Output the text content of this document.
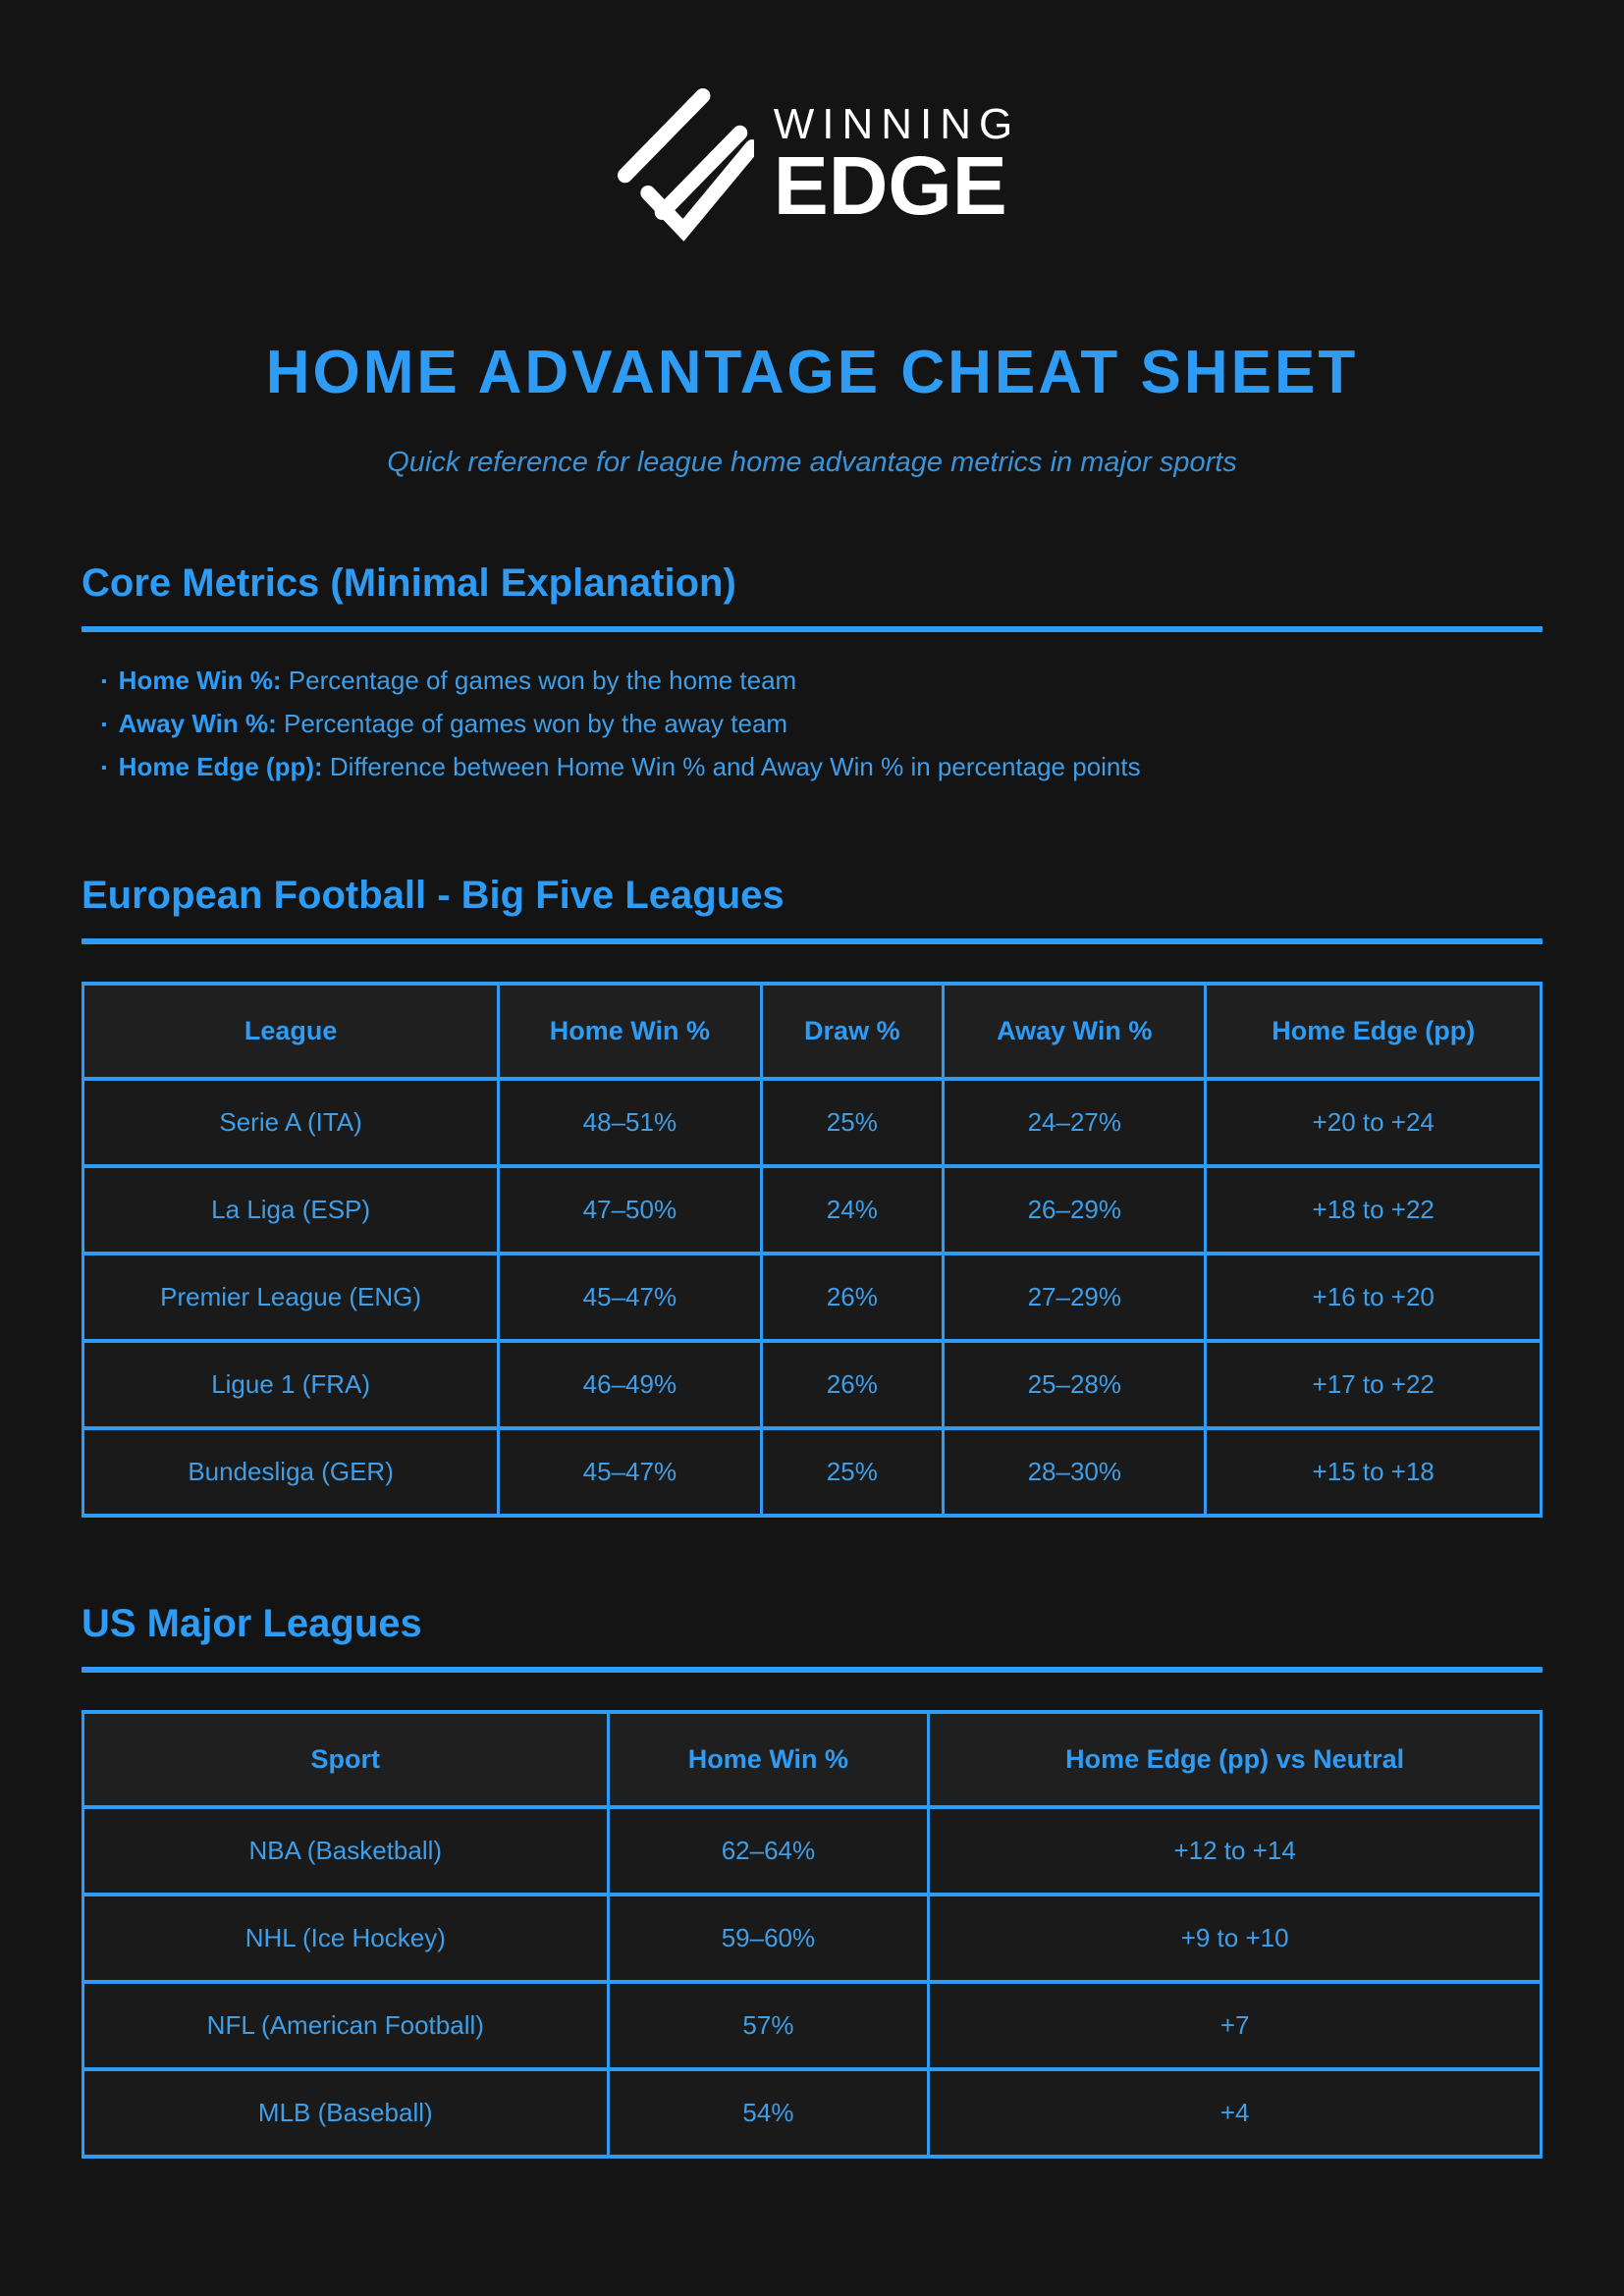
WINNING
EDGE
HOME ADVANTAGE CHEAT SHEET

Quick reference for league home advantage metrics in major sports

Core Metrics (Minimal Explanation)
▪ Home Win %: Percentage of games won by the home team
▪ Away Win %: Percentage of games won by the away team
▪ Home Edge (pp): Difference between Home Win % and Away Win % in percentage points
European Football - Big Five Leagues
League	Home Win %	Draw %	Away Win %	Home Edge (pp)
Serie A (ITA)	48–51%	25%	24–27%	+20 to +24
La Liga (ESP)	47–50%	24%	26–29%	+18 to +22
Premier League (ENG)	45–47%	26%	27–29%	+16 to +20
Ligue 1 (FRA)	46–49%	26%	25–28%	+17 to +22
Bundesliga (GER)	45–47%	25%	28–30%	+15 to +18
US Major Leagues
Sport	Home Win %	Home Edge (pp) vs Neutral
NBA (Basketball)	62–64%	+12 to +14
NHL (Ice Hockey)	59–60%	+9 to +10
NFL (American Football)	57%	+7
MLB (Baseball)	54%	+4
